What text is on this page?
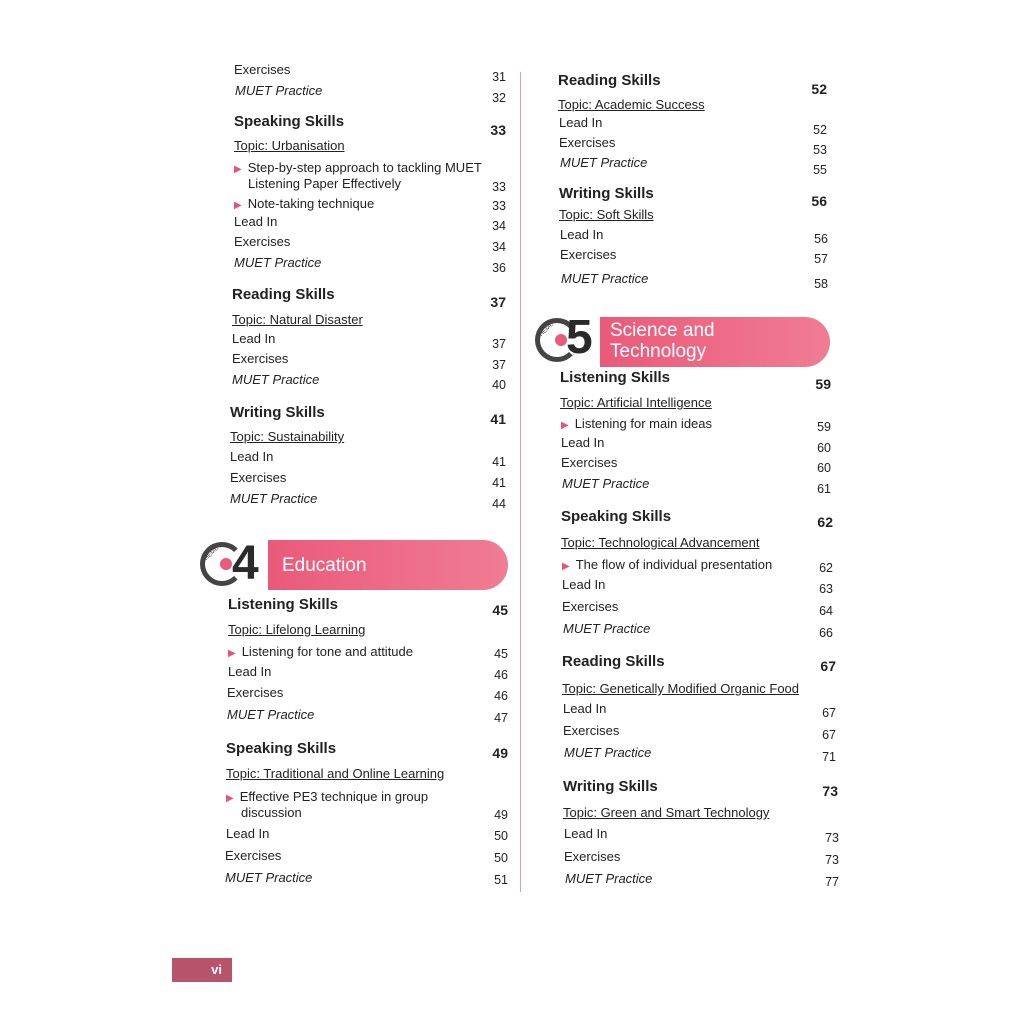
Exercises	31
MUET Practice	32
Speaking Skills	33
Topic: Urbanisation
▶ Step-by-step approach to tackling MUET
Listening Paper Effectively	33
▶ Note-taking technique	33
Lead In	34
Exercises	34
MUET Practice	36
Reading Skills	37
Topic: Natural Disaster
Lead In	37
Exercises	37
MUET Practice	40
Writing Skills	41
Topic: Sustainability
Lead In	41
Exercises	41
MUET Practice	44
4
THEME	Education
Listening Skills	45
Topic: Lifelong Learning
▶ Listening for tone and attitude	45
Lead In	46
Exercises	46
MUET Practice	47
Speaking Skills	49
Topic: Traditional and Online Learning
▶ Effective PE3 technique in group
discussion	49
Lead In	50
Exercises	50
MUET Practice	51
Reading Skills	52
Topic: Academic Success
Lead In	52
Exercises	53
MUET Practice	55
Writing Skills	56
Topic: Soft Skills
Lead In	56
Exercises	57
MUET Practice	58
5
THEME	Science and
Technology
Listening Skills	59
Topic: Artificial Intelligence
▶ Listening for main ideas	59
Lead In	60
Exercises	60
MUET Practice	61
Speaking Skills	62
Topic: Technological Advancement
▶ The flow of individual presentation	62
Lead In	63
Exercises	64
MUET Practice	66
Reading Skills	67
Topic: Genetically Modified Organic Food
Lead In	67
Exercises	67
MUET Practice	71
Writing Skills	73
Topic: Green and Smart Technology
Lead In	73
Exercises	73
MUET Practice	77
vi
